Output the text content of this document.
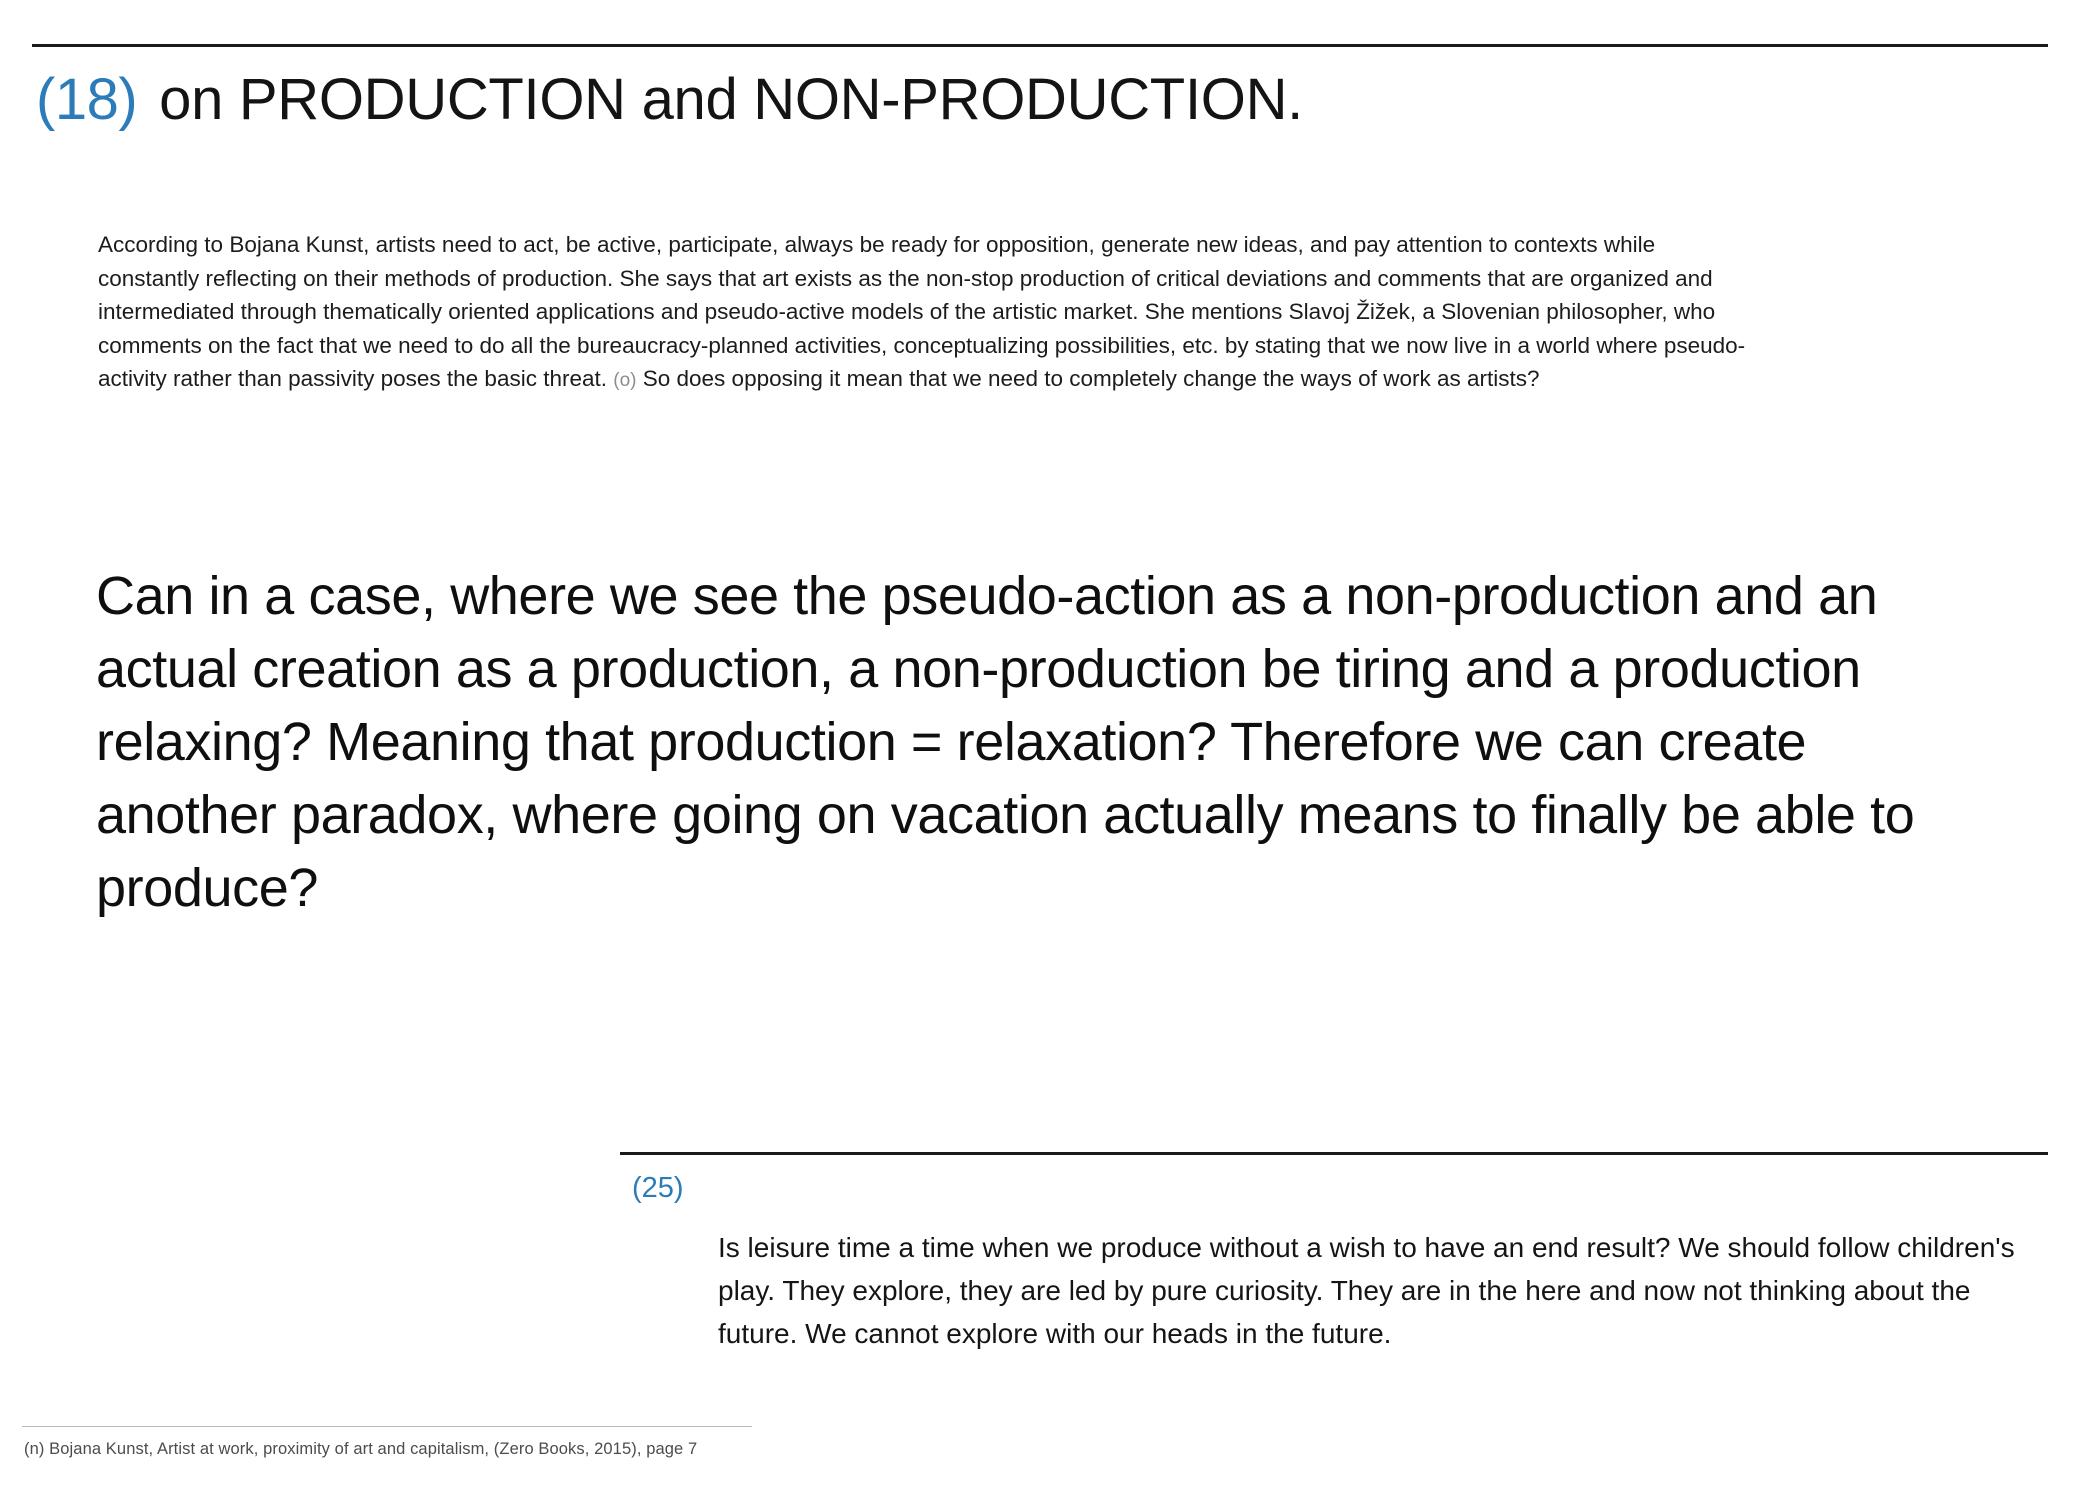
(18) on PRODUCTION and NON-PRODUCTION.
According to Bojana Kunst, artists need to act, be active, participate, always be ready for opposition, generate new ideas, and pay attention to contexts while constantly reflecting on their methods of production. She says that art exists as the non-stop production of critical deviations and comments that are organized and intermediated through thematically oriented applications and pseudo-active models of the artistic market. She mentions Slavoj Žižek, a Slovenian philosopher, who comments on the fact that we need to do all the bureaucracy-planned activities, conceptualizing possibilities, etc. by stating that we now live in a world where pseudo-activity rather than passivity poses the basic threat. (o) So does opposing it mean that we need to completely change the ways of work as artists?
Can in a case, where we see the pseudo-action as a non-production and an actual creation as a production, a non-production be tiring and a production relaxing? Meaning that production = relaxation? Therefore we can create another paradox, where going on vacation actually means to finally be able to produce?
(25)
Is leisure time a time when we produce without a wish to have an end result? We should follow children's play. They explore, they are led by pure curiosity. They are in the here and now not thinking about the future. We cannot explore with our heads in the future.
(n) Bojana Kunst, Artist at work, proximity of art and capitalism, (Zero Books, 2015), page 7
